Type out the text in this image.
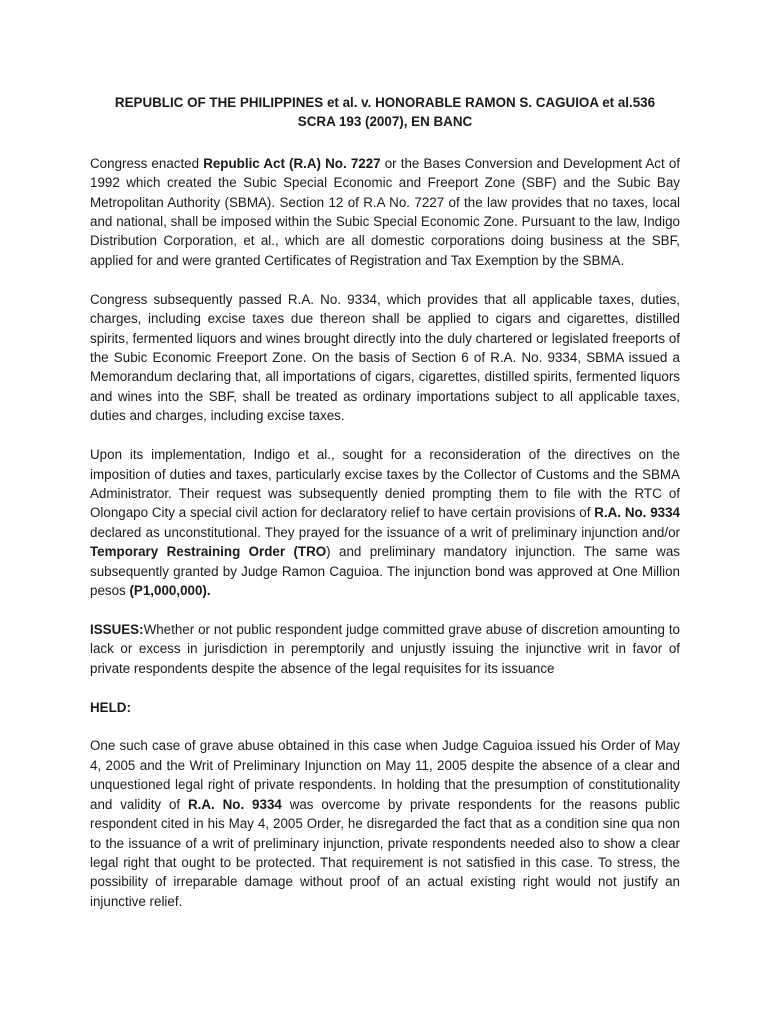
REPUBLIC OF THE PHILIPPINES et al. v. HONORABLE RAMON S. CAGUIOA et al.536
SCRA 193 (2007), EN BANC

Congress enacted Republic Act (R.A) No. 7227 or the Bases Conversion and Development Act of 1992 which created the Subic Special Economic and Freeport Zone (SBF) and the Subic Bay Metropolitan Authority (SBMA). Section 12 of R.A No. 7227 of the law provides that no taxes, local and national, shall be imposed within the Subic Special Economic Zone. Pursuant to the law, Indigo Distribution Corporation, et al., which are all domestic corporations doing business at the SBF, applied for and were granted Certificates of Registration and Tax Exemption by the SBMA.

Congress subsequently passed R.A. No. 9334, which provides that all applicable taxes, duties, charges, including excise taxes due thereon shall be applied to cigars and cigarettes, distilled spirits, fermented liquors and wines brought directly into the duly chartered or legislated freeports of the Subic Economic Freeport Zone. On the basis of Section 6 of R.A. No. 9334, SBMA issued a Memorandum declaring that, all importations of cigars, cigarettes, distilled spirits, fermented liquors and wines into the SBF, shall be treated as ordinary importations subject to all applicable taxes, duties and charges, including excise taxes.

Upon its implementation, Indigo et al., sought for a reconsideration of the directives on the imposition of duties and taxes, particularly excise taxes by the Collector of Customs and the SBMA Administrator. Their request was subsequently denied prompting them to file with the RTC of Olongapo City a special civil action for declaratory relief to have certain provisions of R.A. No. 9334 declared as unconstitutional. They prayed for the issuance of a writ of preliminary injunction and/or Temporary Restraining Order (TRO) and preliminary mandatory injunction. The same was subsequently granted by Judge Ramon Caguioa. The injunction bond was approved at One Million pesos (P1,000,000).

ISSUES:Whether or not public respondent judge committed grave abuse of discretion amounting to lack or excess in jurisdiction in peremptorily and unjustly issuing the injunctive writ in favor of private respondents despite the absence of the legal requisites for its issuance

HELD:

One such case of grave abuse obtained in this case when Judge Caguioa issued his Order of May 4, 2005 and the Writ of Preliminary Injunction on May 11, 2005 despite the absence of a clear and unquestioned legal right of private respondents. In holding that the presumption of constitutionality and validity of R.A. No. 9334 was overcome by private respondents for the reasons public respondent cited in his May 4, 2005 Order, he disregarded the fact that as a condition sine qua non to the issuance of a writ of preliminary injunction, private respondents needed also to show a clear legal right that ought to be protected. That requirement is not satisfied in this case. To stress, the possibility of irreparable damage without proof of an actual existing right would not justify an injunctive relief.
